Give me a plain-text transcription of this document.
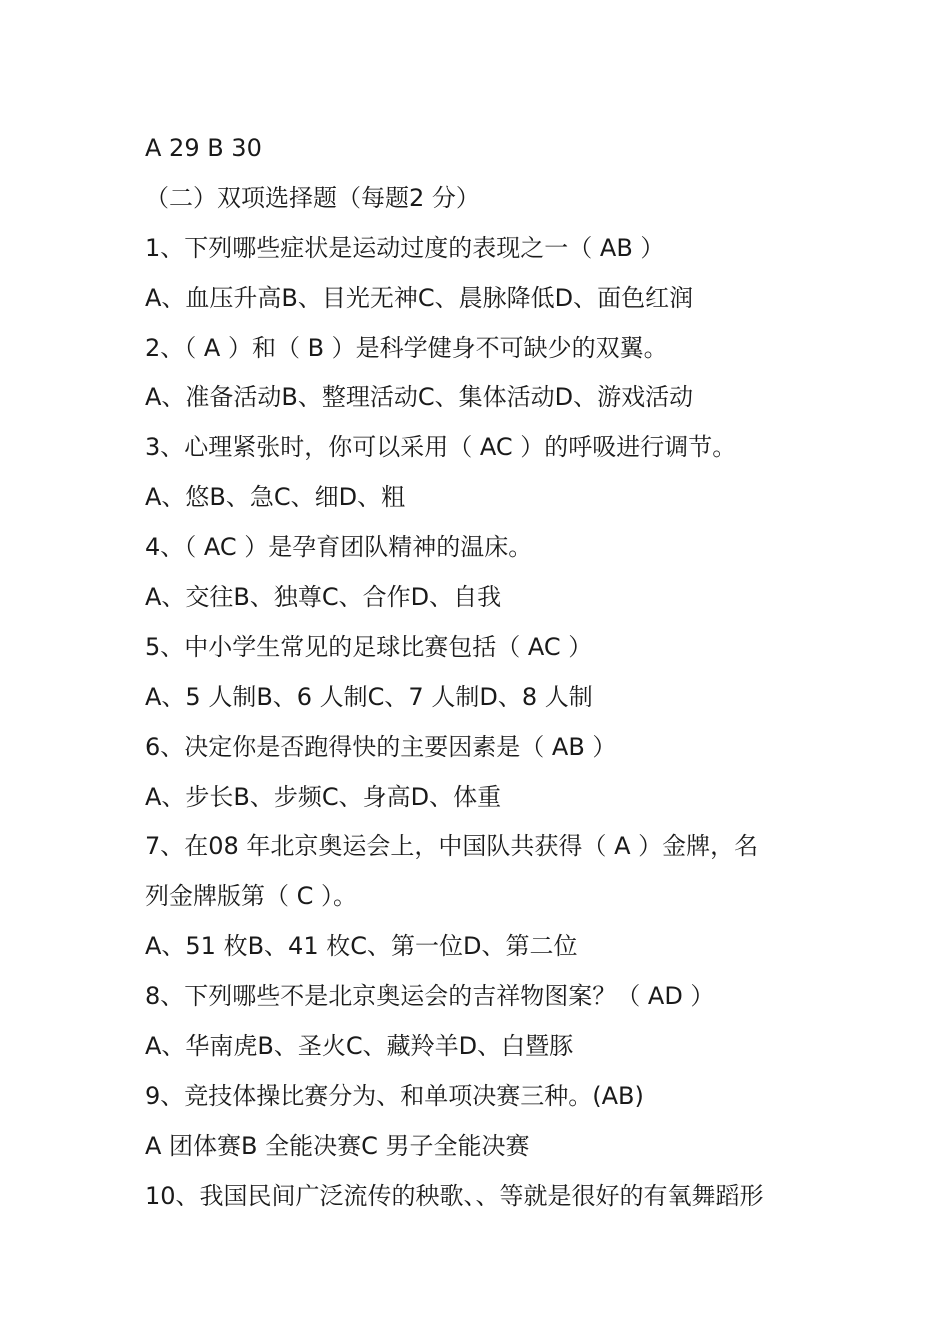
A 29 B 30
（二）双项选择题（每题2 分）
1、下列哪些症状是运动过度的表现之一（ AB ）
A、血压升高B、目光无神C、晨脉降低D、面色红润
2、（ A ）和（ B ）是科学健身不可缺少的双翼。
A、准备活动B、整理活动C、集体活动D、游戏活动
3、心理紧张时，你可以采用（ AC ）的呼吸进行调节。
A、悠B、急C、细D、粗
4、（ AC ）是孕育团队精神的温床。
A、交往B、独尊C、合作D、自我
5、中小学生常见的足球比赛包括（ AC ）
A、5 人制B、6 人制C、7 人制D、8 人制
6、决定你是否跑得快的主要因素是（ AB ）
A、步长B、步频C、身高D、体重
7、在08 年北京奥运会上，中国队共获得（ A ）金牌，名
列金牌版第（ C ）。
A、51 枚B、41 枚C、第一位D、第二位
8、下列哪些不是北京奥运会的吉祥物图案？（ AD ）
A、华南虎B、圣火C、藏羚羊D、白暨豚
9、竞技体操比赛分为、和单项决赛三种。(AB)
A 团体赛B 全能决赛C 男子全能决赛
10、我国民间广泛流传的秧歌、、等就是很好的有氧舞蹈形
